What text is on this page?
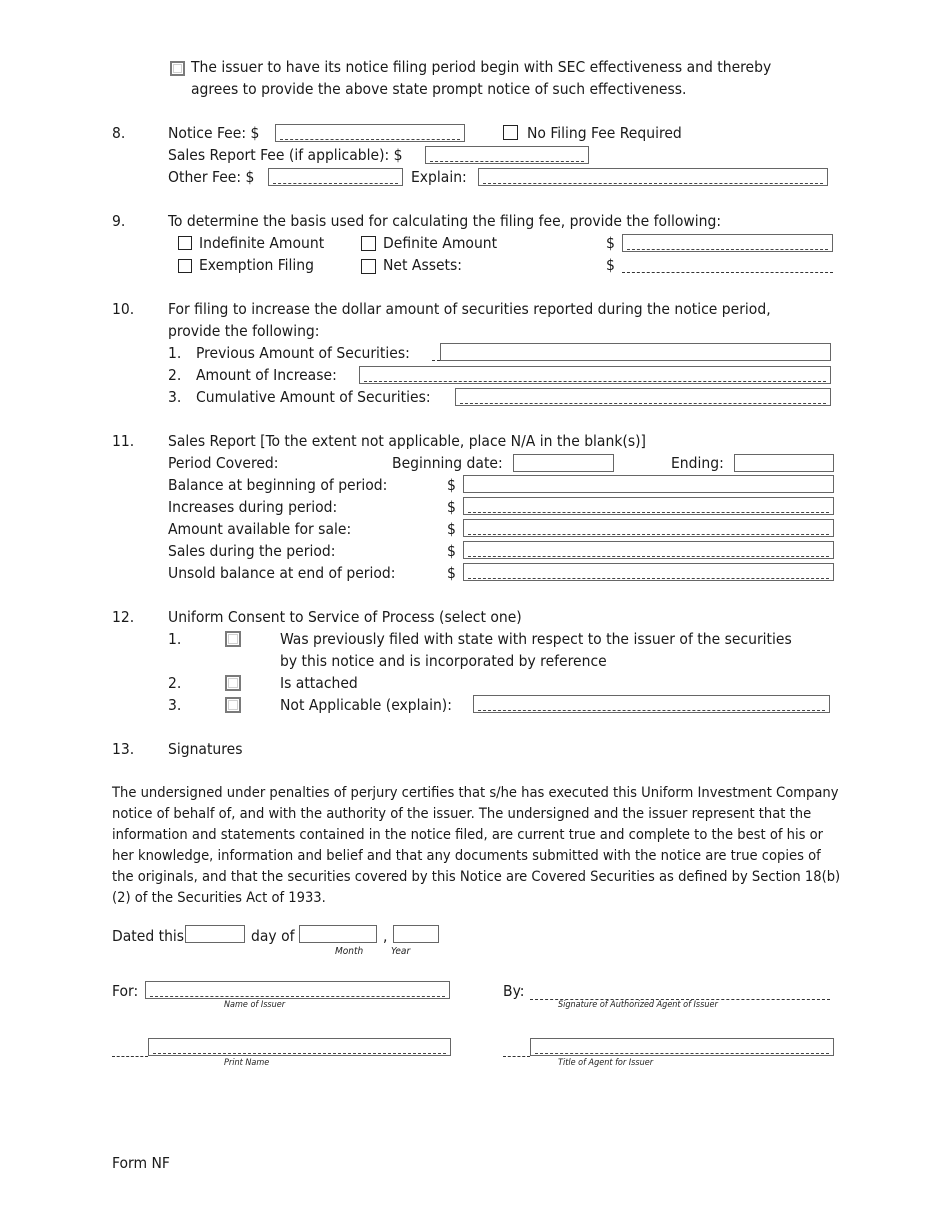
The issuer to have its notice filing period begin with SEC effectiveness and thereby
agrees to provide the above state prompt notice of such effectiveness.
8.	Notice Fee: $	No Filing Fee Required
Sales Report Fee (if applicable): $
Other Fee: $	Explain:
9.	To determine the basis used for calculating the filing fee, provide the following:
Indefinite Amount	Definite Amount	$
Exemption Filing	Net Assets:	$
10. For filing to increase the dollar amount of securities reported during the notice period,
provide the following:
1. Previous Amount of Securities:
2. Amount of Increase:
3. Cumulative Amount of Securities:
11. Sales Report [To the extent not applicable, place N/A in the blank(s)]
Period Covered:	Beginning date:	Ending:
Balance at beginning of period:	$
Increases during period:	$
Amount available for sale:	$
Sales during the period:	$
Unsold balance at end of period:	$
12. Uniform Consent to Service of Process (select one)
1.	Was previously filed with state with respect to the issuer of the securities
by this notice and is incorporated by reference
2.	Is attached
3.	Not Applicable (explain):
13. Signatures
The undersigned under penalties of perjury certifies that s/he has executed this Uniform Investment Company notice of behalf of, and with the authority of the issuer. The undersigned and the issuer represent that the information and statements contained in the notice filed, are current true and complete to the best of his or her knowledge, information and belief and that any documents submitted with the notice are true copies of the originals, and that the securities covered by this Notice are Covered Securities as defined by Section 18(b)(2) of the Securities Act of 1933.
Dated this	day of	,
Month	Year
For:
Name of Issuer
By:
Signature of Authorized Agent of Issuer
Print Name	Title of Agent for Issuer
Form NF
